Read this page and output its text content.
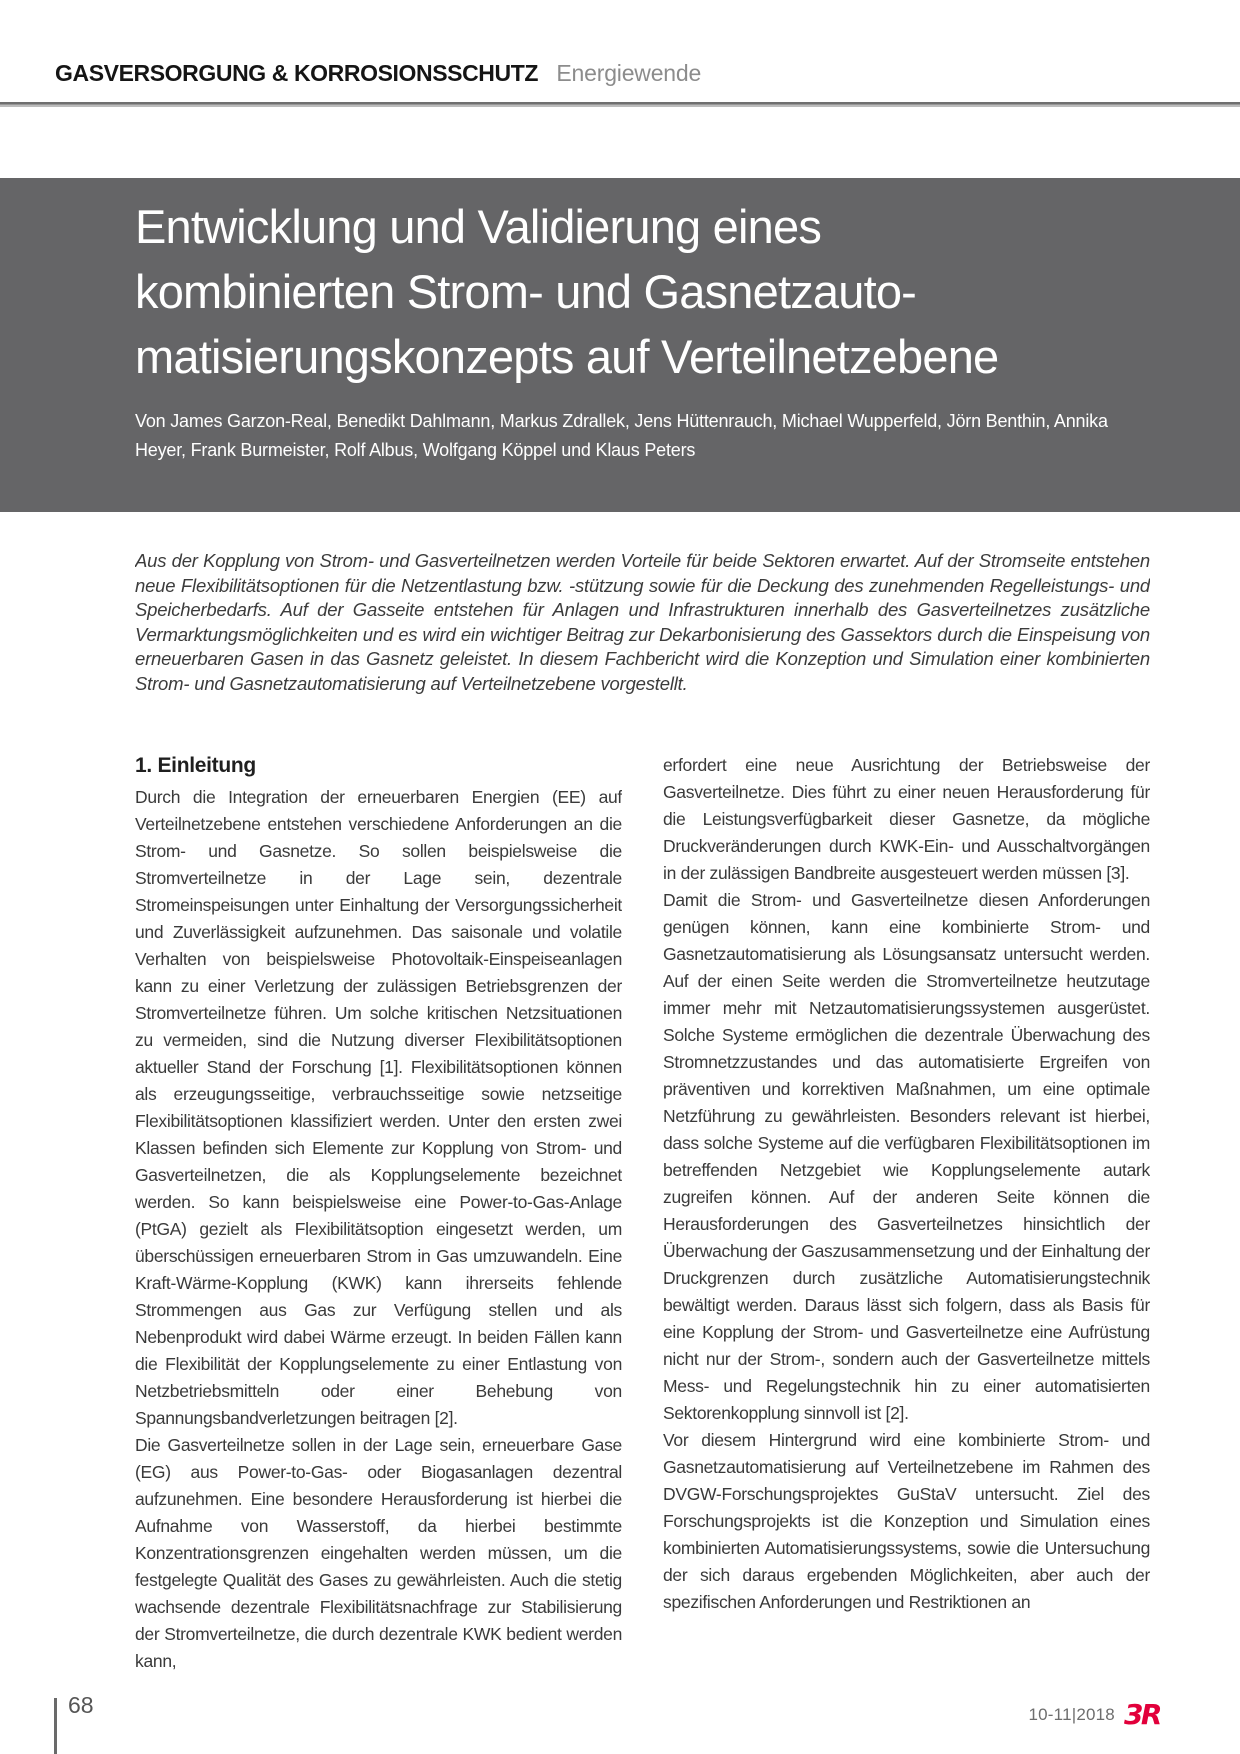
GASVERSORGUNG & KORROSIONSSCHUTZ Energiewende
Entwicklung und Validierung eines
kombinierten Strom- und Gasnetzauto-
matisierungskonzepts auf Verteilnetzebene
Von James Garzon-Real, Benedikt Dahlmann, Markus Zdrallek, Jens Hüttenrauch, Michael Wupperfeld, Jörn Benthin, Annika Heyer, Frank Burmeister, Rolf Albus, Wolfgang Köppel und Klaus Peters
Aus der Kopplung von Strom- und Gasverteilnetzen werden Vorteile für beide Sektoren erwartet. Auf der Stromseite entstehen neue Flexibilitätsoptionen für die Netzentlastung bzw. -stützung sowie für die Deckung des zunehmenden Regelleistungs- und Speicherbedarfs. Auf der Gasseite entstehen für Anlagen und Infrastrukturen innerhalb des Gasverteilnetzes zusätzliche Vermarktungsmöglichkeiten und es wird ein wichtiger Beitrag zur Dekarbonisierung des Gassektors durch die Einspeisung von erneuerbaren Gasen in das Gasnetz geleistet. In diesem Fachbericht wird die Konzeption und Simulation einer kombinierten Strom- und Gasnetzautomatisierung auf Verteilnetzebene vorgestellt.
1. Einleitung

Durch die Integration der erneuerbaren Energien (EE) auf Verteilnetzebene entstehen verschiedene Anforderungen an die Strom- und Gasnetze. So sollen beispielsweise die Stromverteilnetze in der Lage sein, dezentrale Stromeinspeisungen unter Einhaltung der Versorgungssicherheit und Zuverlässigkeit aufzunehmen. Das saisonale und volatile Verhalten von beispielsweise Photovoltaik-Einspeiseanlagen kann zu einer Verletzung der zulässigen Betriebsgrenzen der Stromverteilnetze führen. Um solche kritischen Netzsituationen zu vermeiden, sind die Nutzung diverser Flexibilitätsoptionen aktueller Stand der Forschung [1]. Flexibilitätsoptionen können als erzeugungsseitige, verbrauchsseitige sowie netzseitige Flexibilitätsoptionen klassifiziert werden. Unter den ersten zwei Klassen befinden sich Elemente zur Kopplung von Strom- und Gasverteilnetzen, die als Kopplungselemente bezeichnet werden. So kann beispielsweise eine Power-to-Gas-Anlage (PtGA) gezielt als Flexibilitätsoption eingesetzt werden, um überschüssigen erneuerbaren Strom in Gas umzuwandeln. Eine Kraft-Wärme-Kopplung (KWK) kann ihrerseits fehlende Strommengen aus Gas zur Verfügung stellen und als Nebenprodukt wird dabei Wärme erzeugt. In beiden Fällen kann die Flexibilität der Kopplungselemente zu einer Entlastung von Netzbetriebsmitteln oder einer Behebung von Spannungsbandverletzungen beitragen [2].

Die Gasverteilnetze sollen in der Lage sein, erneuerbare Gase (EG) aus Power-to-Gas- oder Biogasanlagen dezentral aufzunehmen. Eine besondere Herausforderung ist hierbei die Aufnahme von Wasserstoff, da hierbei bestimmte Konzentrationsgrenzen eingehalten werden müssen, um die festgelegte Qualität des Gases zu gewährleisten. Auch die stetig wachsende dezentrale Flexibilitätsnachfrage zur Stabilisierung der Stromverteilnetze, die durch dezentrale KWK bedient werden kann,

erfordert eine neue Ausrichtung der Betriebsweise der Gasverteilnetze. Dies führt zu einer neuen Herausforderung für die Leistungsverfügbarkeit dieser Gasnetze, da mögliche Druckveränderungen durch KWK-Ein- und Ausschaltvorgängen in der zulässigen Bandbreite ausgesteuert werden müssen [3].

Damit die Strom- und Gasverteilnetze diesen Anforderungen genügen können, kann eine kombinierte Strom- und Gasnetzautomatisierung als Lösungsansatz untersucht werden. Auf der einen Seite werden die Stromverteilnetze heutzutage immer mehr mit Netzautomatisierungssystemen ausgerüstet. Solche Systeme ermöglichen die dezentrale Überwachung des Stromnetzzustandes und das automatisierte Ergreifen von präventiven und korrektiven Maßnahmen, um eine optimale Netzführung zu gewährleisten. Besonders relevant ist hierbei, dass solche Systeme auf die verfügbaren Flexibilitätsoptionen im betreffenden Netzgebiet wie Kopplungselemente autark zugreifen können. Auf der anderen Seite können die Herausforderungen des Gasverteilnetzes hinsichtlich der Überwachung der Gaszusammensetzung und der Einhaltung der Druckgrenzen durch zusätzliche Automatisierungstechnik bewältigt werden. Daraus lässt sich folgern, dass als Basis für eine Kopplung der Strom- und Gasverteilnetze eine Aufrüstung nicht nur der Strom-, sondern auch der Gasverteilnetze mittels Mess- und Regelungstechnik hin zu einer automatisierten Sektorenkopplung sinnvoll ist [2].

Vor diesem Hintergrund wird eine kombinierte Strom- und Gasnetzautomatisierung auf Verteilnetzebene im Rahmen des DVGW-Forschungsprojektes GuStaV untersucht. Ziel des Forschungsprojekts ist die Konzeption und Simulation eines kombinierten Automatisierungssystems, sowie die Untersuchung der sich daraus ergebenden Möglichkeiten, aber auch der spezifischen Anforderungen und Restriktionen an

68	10-11|2018 3R
